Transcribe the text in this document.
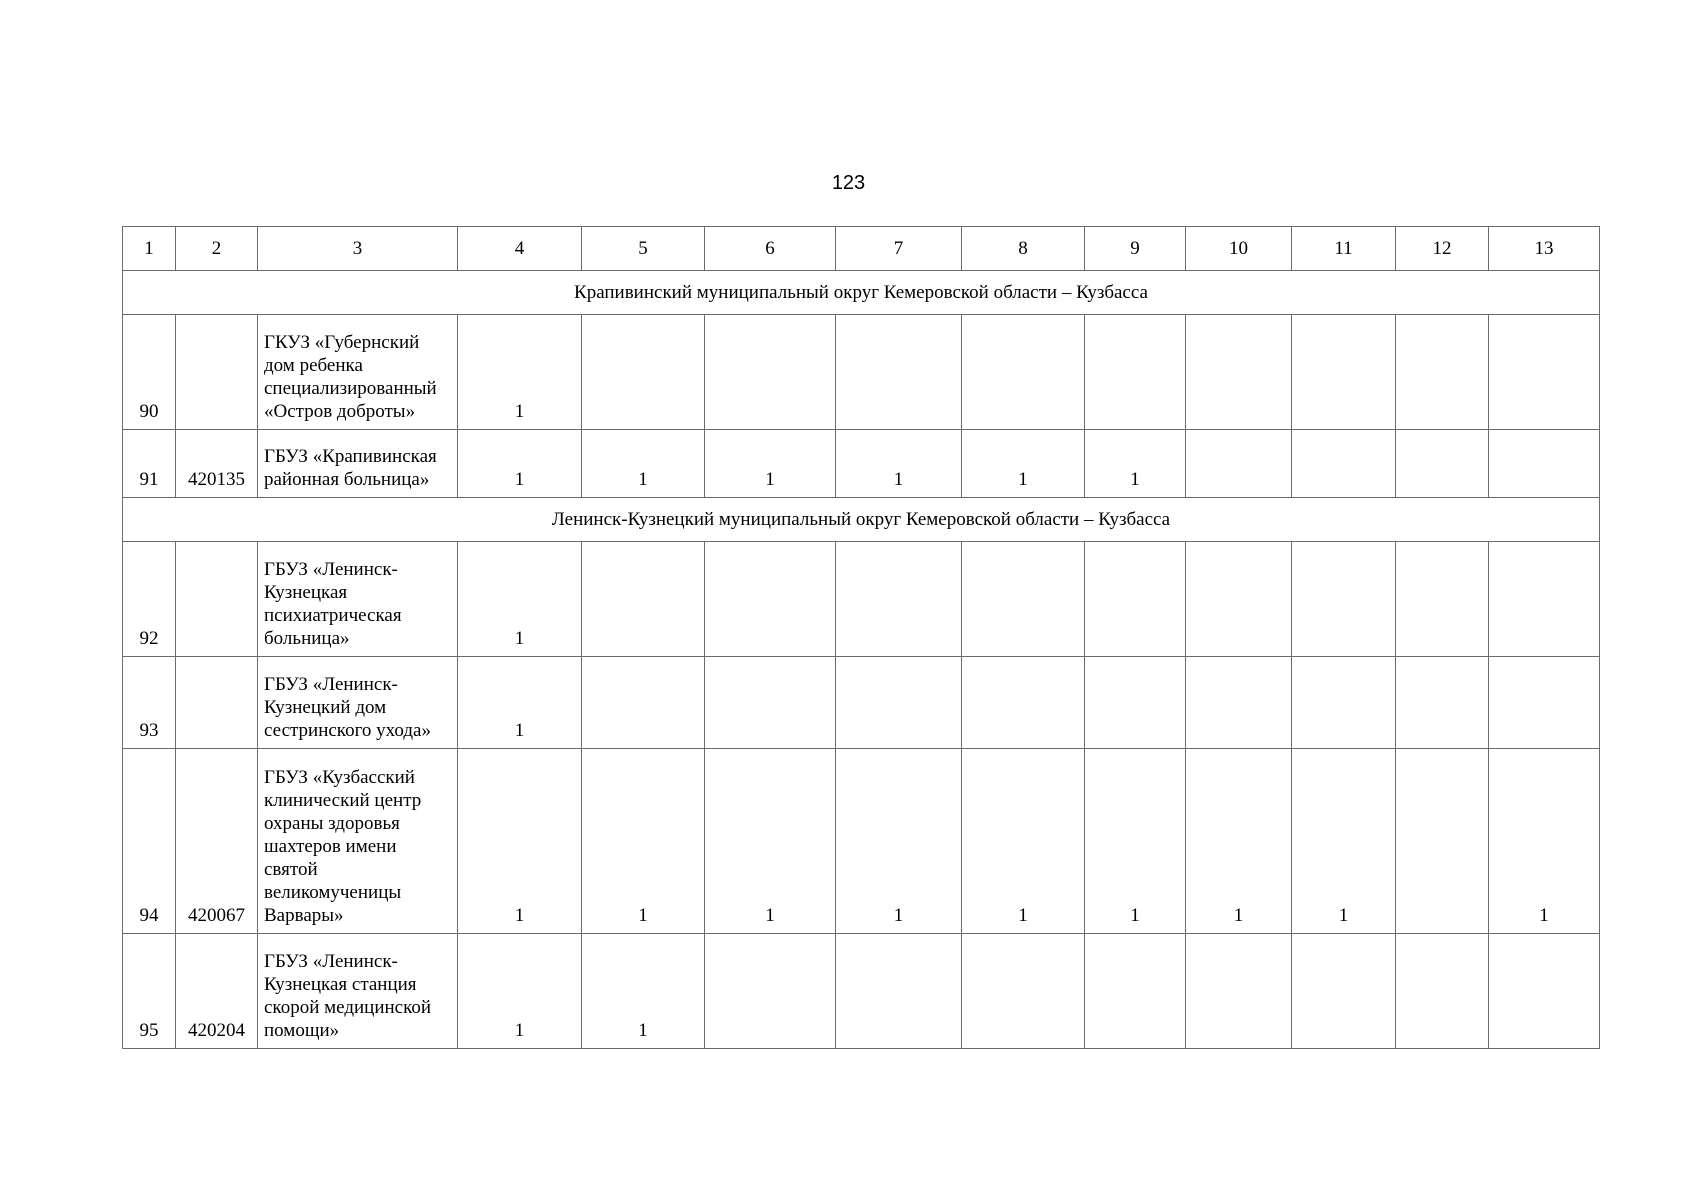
123
1	2	3	4	5	6	7	8	9	10	11	12	13
Крапивинский муниципальный округ Кемеровской области – Кузбасса												
90		ГКУЗ «Губернский дом ребенка специализированный «Остров доброты»	1									
91	420135	ГБУЗ «Крапивинская районная больница»	1	1	1	1	1	1				
Ленинск-Кузнецкий муниципальный округ Кемеровской области – Кузбасса												
92		ГБУЗ «Ленинск-Кузнецкая психиатрическая больница»	1									
93		ГБУЗ «Ленинск-Кузнецкий дом сестринского ухода»	1									
94	420067	ГБУЗ «Кузбасский клинический центр охраны здоровья шахтеров имени святой великомученицы Варвары»	1	1	1	1	1	1	1	1		1
95	420204	ГБУЗ «Ленинск-Кузнецкая станция скорой медицинской помощи»	1	1								
